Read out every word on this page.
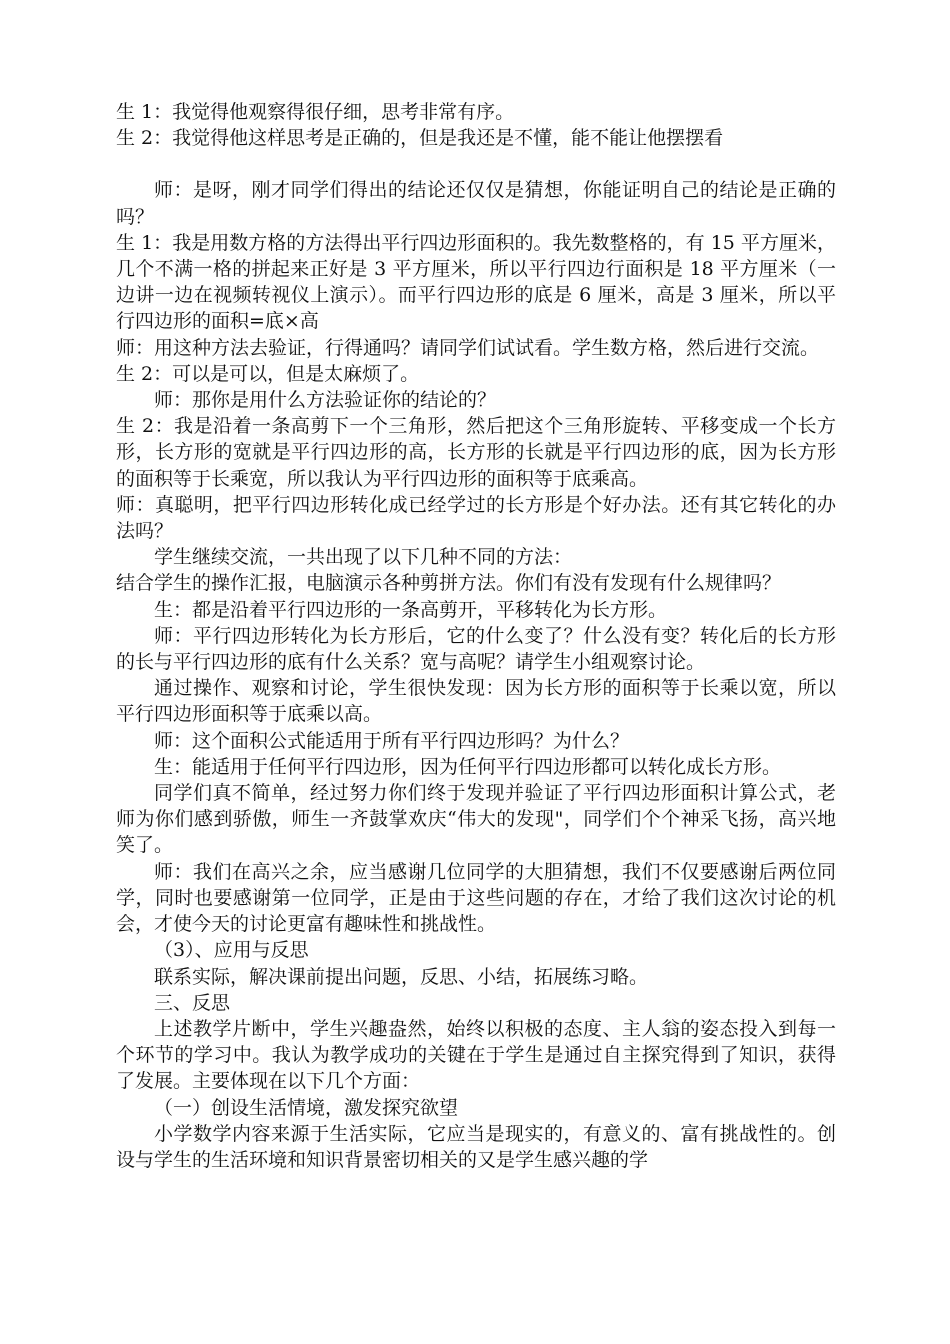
生 1：我觉得他观察得很仔细，思考非常有序。

生 2：我觉得他这样思考是正确的，但是我还是不懂，能不能让他摆摆看

师：是呀，刚才同学们得出的结论还仅仅是猜想，你能证明自己的结论是正确的吗？

生 1：我是用数方格的方法得出平行四边形面积的。我先数整格的，有 15 平方厘米，几个不满一格的拼起来正好是 3 平方厘米，所以平行四边行面积是 18 平方厘米（一边讲一边在视频转视仪上演示）。而平行四边形的底是 6 厘米，高是 3 厘米，所以平行四边形的面积=底×高

师：用这种方法去验证，行得通吗？请同学们试试看。学生数方格，然后进行交流。

生 2：可以是可以，但是太麻烦了。

师：那你是用什么方法验证你的结论的？

生 2：我是沿着一条高剪下一个三角形，然后把这个三角形旋转、平移变成一个长方形，长方形的宽就是平行四边形的高，长方形的长就是平行四边形的底，因为长方形的面积等于长乘宽，所以我认为平行四边形的面积等于底乘高。

师：真聪明，把平行四边形转化成已经学过的长方形是个好办法。还有其它转化的办法吗？

学生继续交流，一共出现了以下几种不同的方法：

结合学生的操作汇报，电脑演示各种剪拼方法。你们有没有发现有什么规律吗？

生：都是沿着平行四边形的一条高剪开，平移转化为长方形。

师：平行四边形转化为长方形后，它的什么变了？什么没有变？转化后的长方形的长与平行四边形的底有什么关系？宽与高呢？请学生小组观察讨论。

通过操作、观察和讨论，学生很快发现：因为长方形的面积等于长乘以宽，所以平行四边形面积等于底乘以高。

师：这个面积公式能适用于所有平行四边形吗？为什么？

生：能适用于任何平行四边形，因为任何平行四边形都可以转化成长方形。

同学们真不简单，经过努力你们终于发现并验证了平行四边形面积计算公式，老师为你们感到骄傲，师生一齐鼓掌欢庆“伟大的发现"，同学们个个神采飞扬，高兴地笑了。

师：我们在高兴之余，应当感谢几位同学的大胆猜想，我们不仅要感谢后两位同学，同时也要感谢第一位同学，正是由于这些问题的存在，才给了我们这次讨论的机会，才使今天的讨论更富有趣味性和挑战性。

（3）、应用与反思

联系实际，解决课前提出问题，反思、小结，拓展练习略。

三、反思

上述教学片断中，学生兴趣盎然，始终以积极的态度、主人翁的姿态投入到每一个环节的学习中。我认为教学成功的关键在于学生是通过自主探究得到了知识，获得了发展。主要体现在以下几个方面：

（一）创设生活情境，激发探究欲望

小学数学内容来源于生活实际，它应当是现实的，有意义的、富有挑战性的。创设与学生的生活环境和知识背景密切相关的又是学生感兴趣的学
